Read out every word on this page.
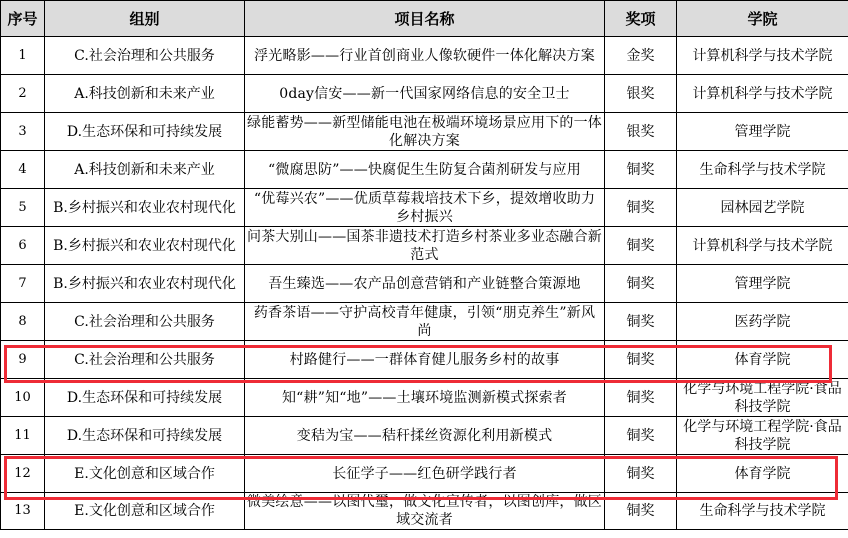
序号	组别	项目名称	奖项	学院
1	C.社会治理和公共服务	浮光略影——行业首创商业人像软硬件一体化解决方案	金奖	计算机科学与技术学院
2	A.科技创新和未来产业	0day信安——新一代国家网络信息的安全卫士	银奖	计算机科学与技术学院
3	D.生态环保和可持续发展	绿能蓄势——新型储能电池在极端环境场景应用下的一体化解决方案	银奖	管理学院
4	A.科技创新和未来产业	“微腐思防”——快腐促生生防复合菌剂研发与应用	铜奖	生命科学与技术学院
5	B.乡村振兴和农业农村现代化	“优莓兴农”——优质草莓栽培技术下乡，提效增收助力乡村振兴	铜奖	园林园艺学院
6	B.乡村振兴和农业农村现代化	问茶大别山——国茶非遗技术打造乡村茶业多业态融合新范式	铜奖	计算机科学与技术学院
7	B.乡村振兴和农业农村现代化	吾生臻选——农产品创意营销和产业链整合策源地	铜奖	管理学院
8	C.社会治理和公共服务	药香茶语——守护高校青年健康，引领“朋克养生”新风尚	铜奖	医药学院
9	C.社会治理和公共服务	村路健行——一群体育健儿服务乡村的故事	铜奖	体育学院
10	D.生态环保和可持续发展	知“耕”知“地”——土壤环境监测新模式探索者	铜奖	化学与环境工程学院·食品科技学院
11	D.生态环保和可持续发展	变秸为宝——秸秆揉丝资源化利用新模式	铜奖	化学与环境工程学院·食品科技学院
12	E.文化创意和区域合作	长征学子——红色研学践行者	铜奖	体育学院
13	E.文化创意和区域合作	微美绘意——以图代璽，做文化宣传者，以图创库，做区域交流者	铜奖	生命科学与技术学院
